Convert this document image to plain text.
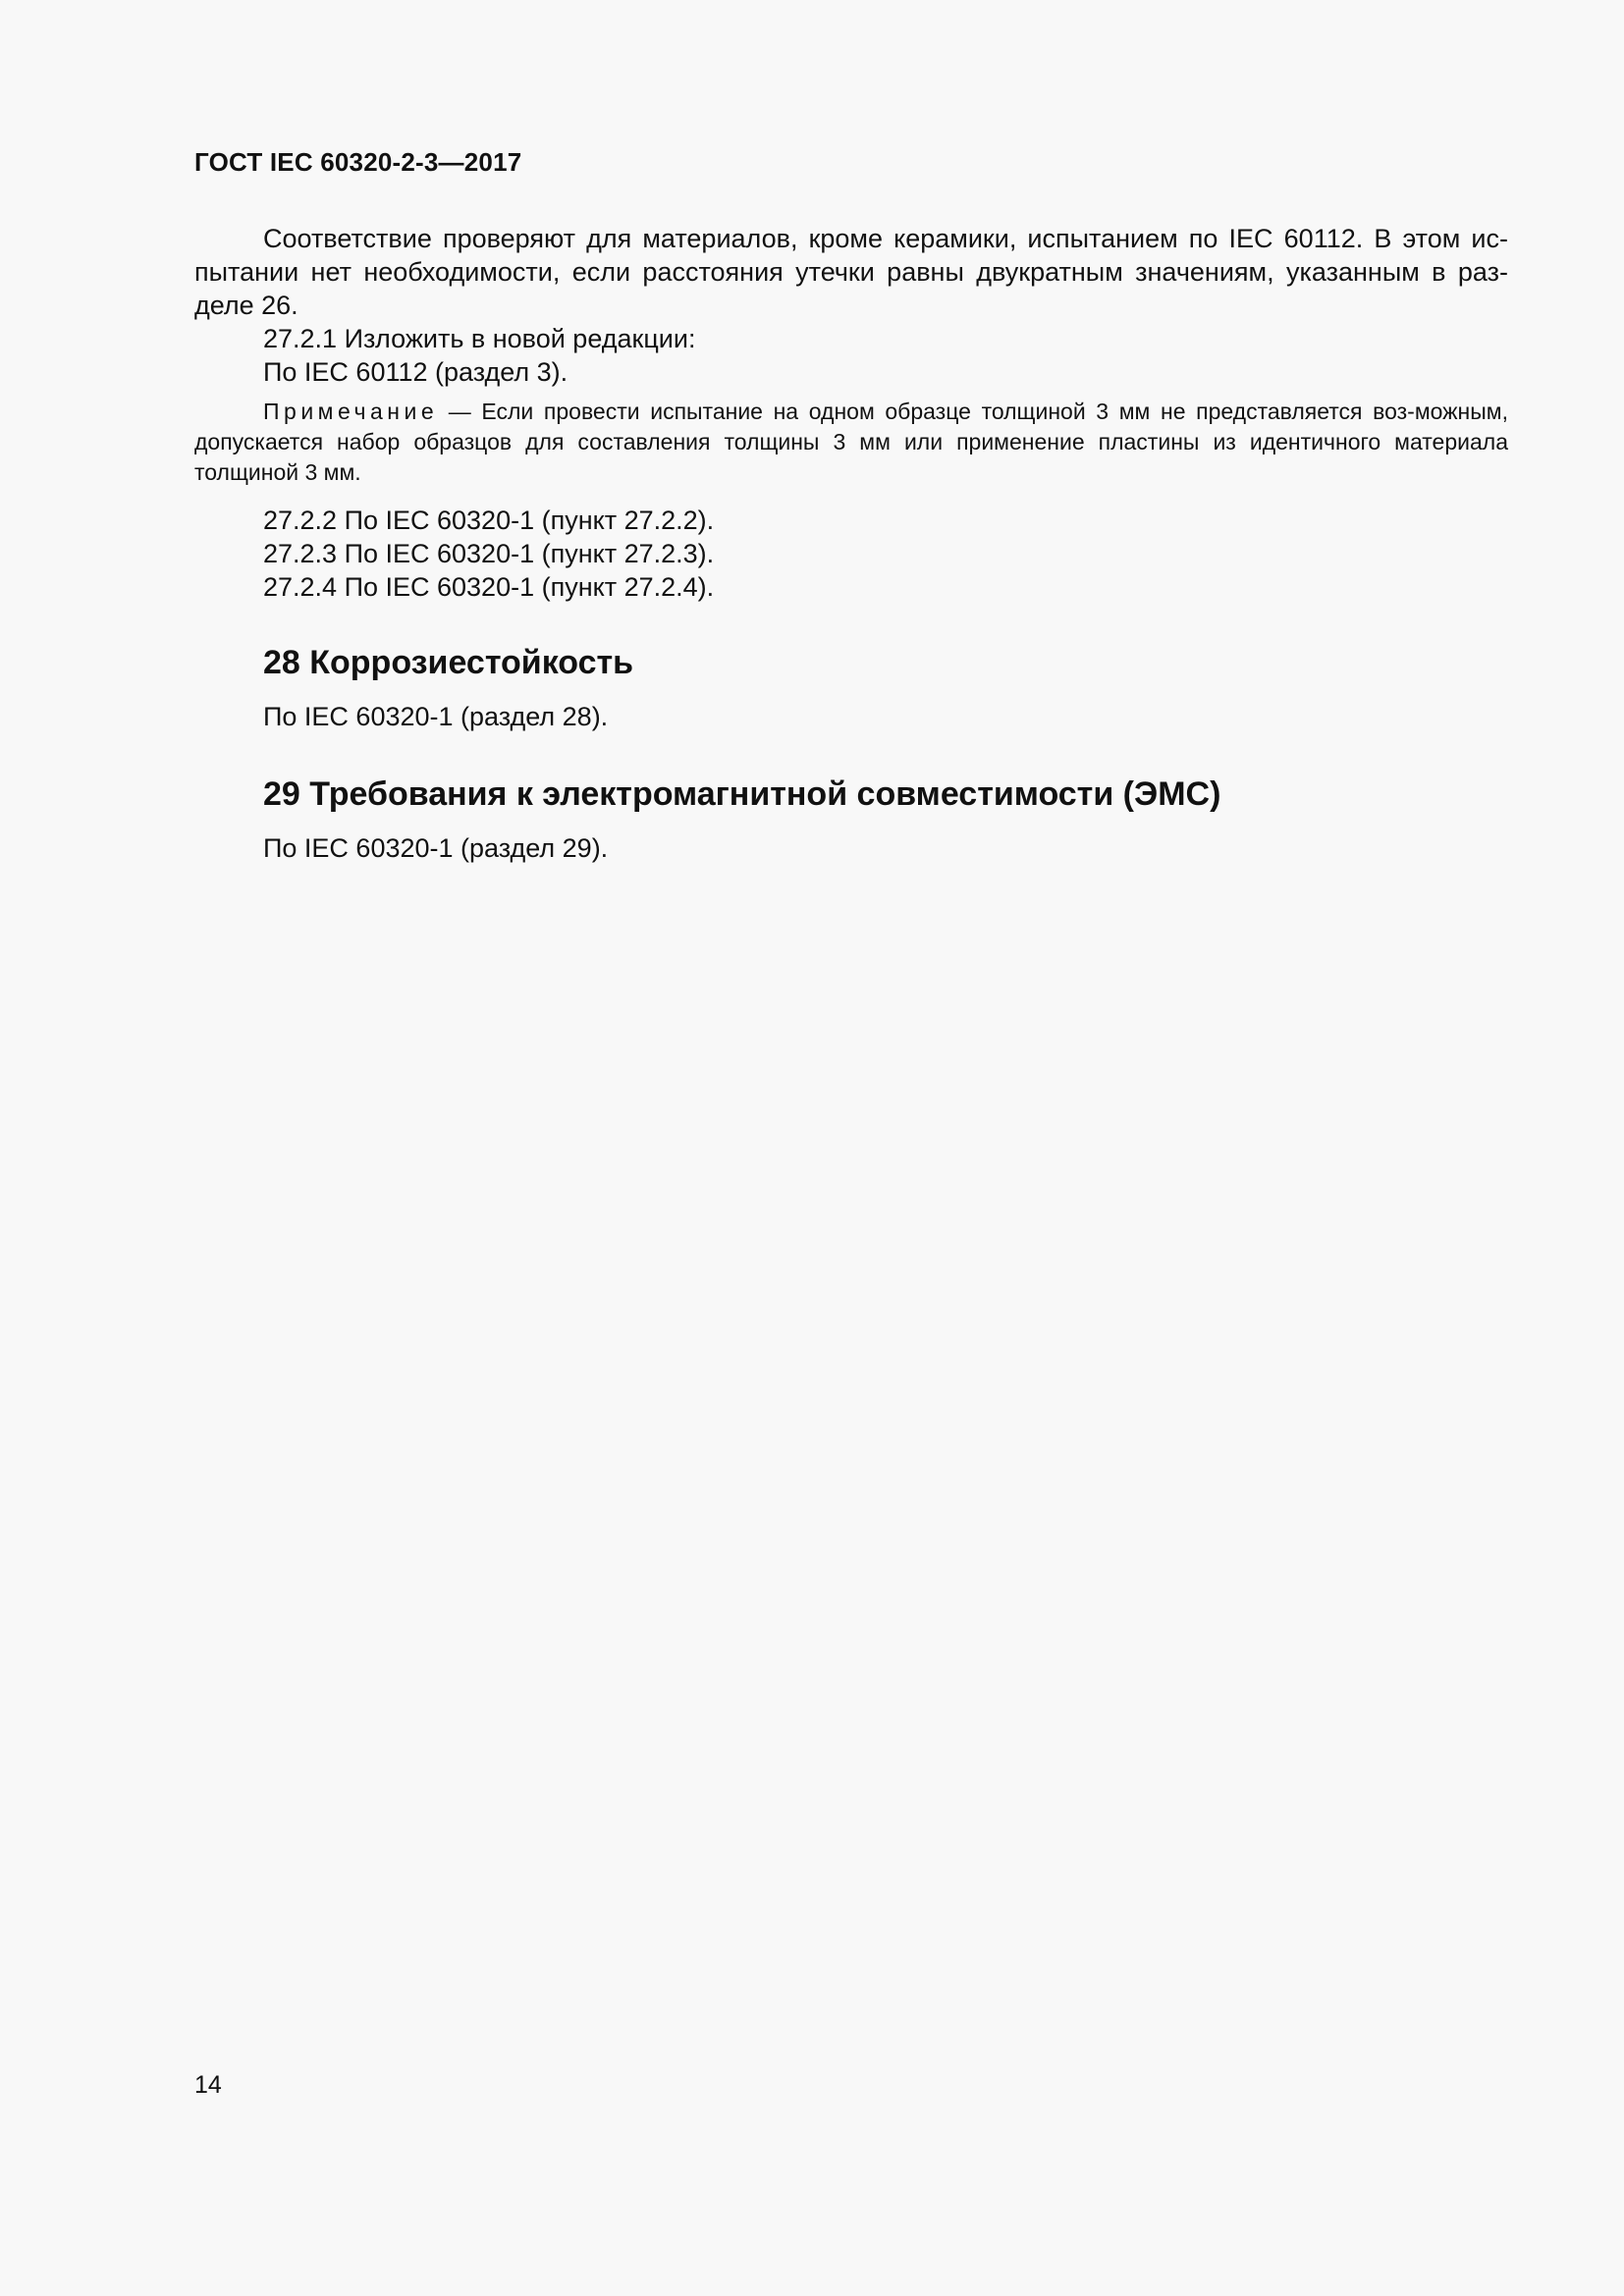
ГОСТ IEC 60320-2-3—2017

Соответствие проверяют для материалов, кроме керамики, испытанием по IEC 60112. В этом ис-пытании нет необходимости, если расстояния утечки равны двукратным значениям, указанным в раз-деле 26.

27.2.1 Изложить в новой редакции:

По IEC 60112 (раздел 3).

Примечание — Если провести испытание на одном образце толщиной 3 мм не представляется воз-можным, допускается набор образцов для составления толщины 3 мм или применение пластины из идентичного материала толщиной 3 мм.

27.2.2 По IEC 60320-1 (пункт 27.2.2).

27.2.3 По IEC 60320-1 (пункт 27.2.3).

27.2.4 По IEC 60320-1 (пункт 27.2.4).

28 Коррозиестойкость

По IEC 60320-1 (раздел 28).

29 Требования к электромагнитной совместимости (ЭМС)

По IEC 60320-1 (раздел 29).

14
